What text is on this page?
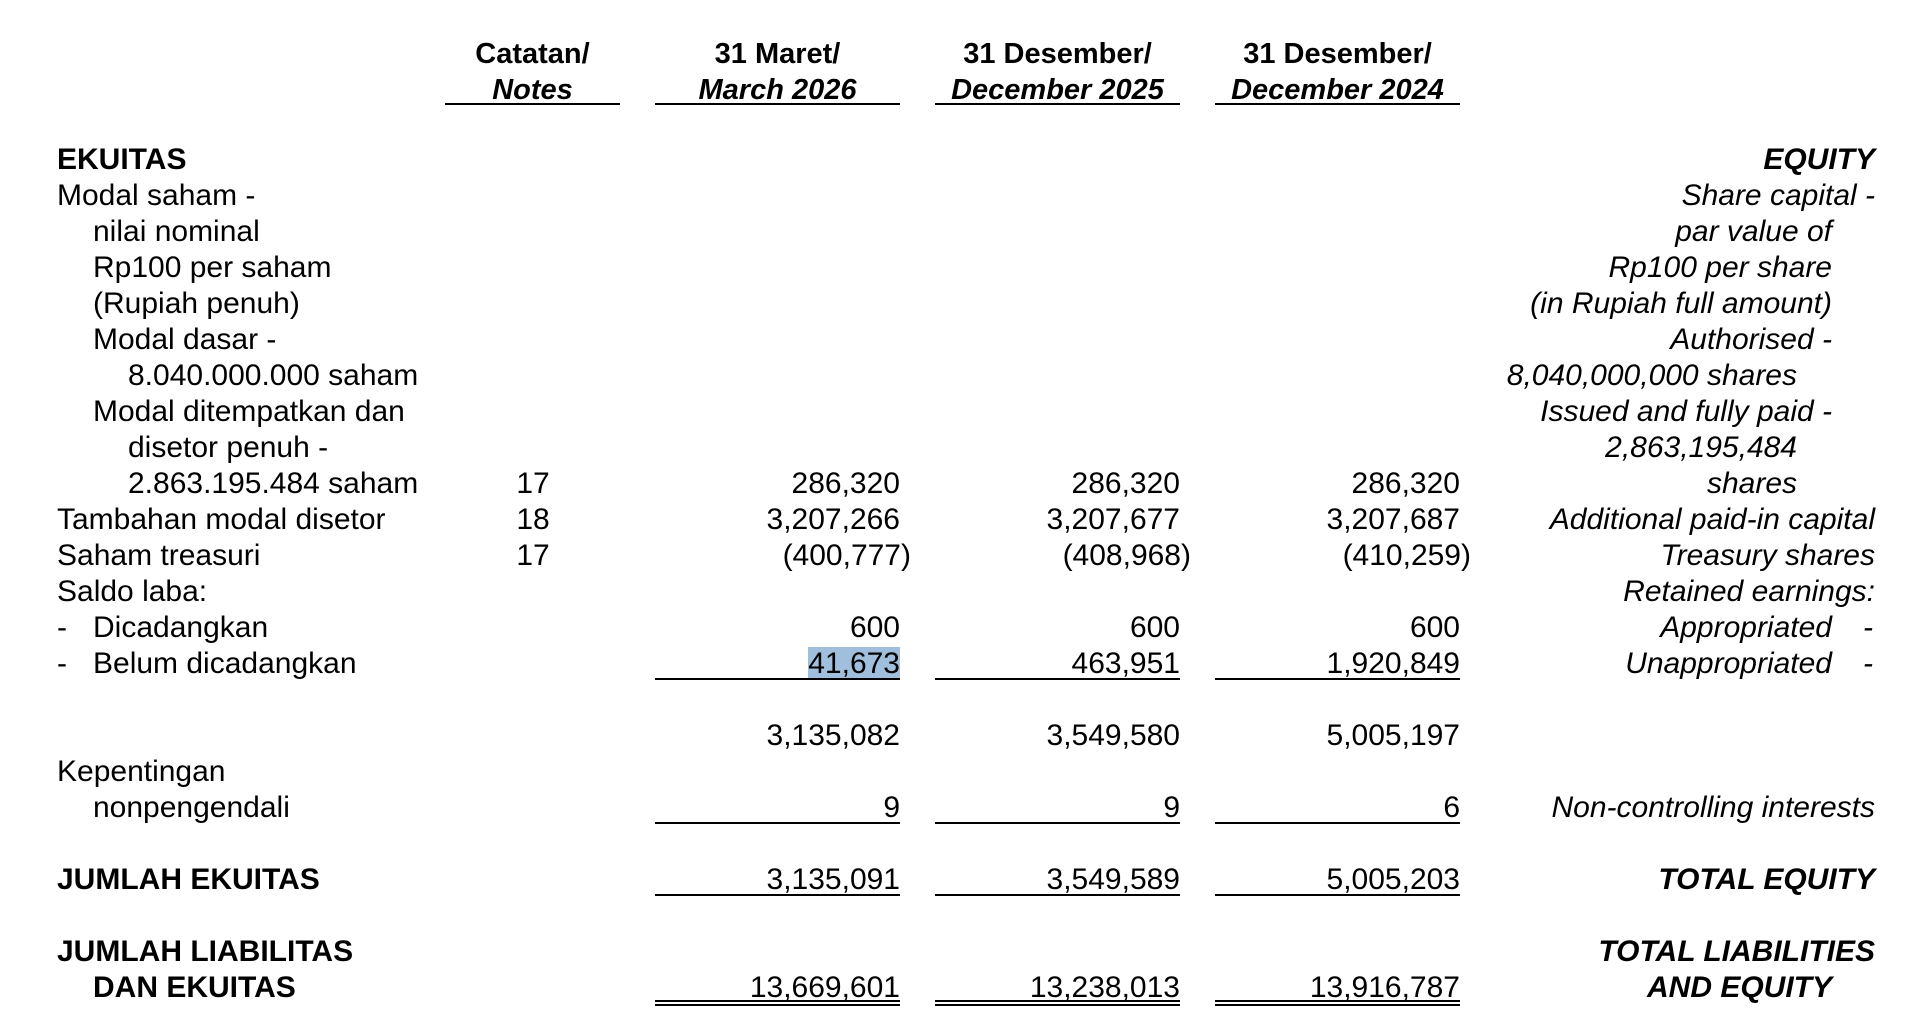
Catatan/
Notes
31 Maret/
March 2026
31 Desember/
December 2025
31 Desember/
December 2024
EKUITAS
Modal saham -
nilai nominal
Rp100 per saham
(Rupiah penuh)
Modal dasar -
8.040.000.000 saham
Modal ditempatkan dan
disetor penuh -
2.863.195.484 saham
Tambahan modal disetor
Saham treasuri
Saldo laba:
- Dicadangkan
- Belum dicadangkan
Kepentingan
nonpengendali
JUMLAH EKUITAS
JUMLAH LIABILITAS
DAN EKUITAS
17
18
17
286,320
3,207,266
(400,777)
600
41,673
3,135,082
9
3,135,091
13,669,601
286,320
3,207,677
(408,968)
600
463,951
3,549,580
9
3,549,589
13,238,013
286,320
3,207,687
(410,259)
600
1,920,849
5,005,197
6
5,005,203
13,916,787
EQUITY
Share capital -
par value of
Rp100 per share
(in Rupiah full amount)
Authorised -
8,040,000,000 shares
Issued and fully paid -
2,863,195,484
shares
Additional paid-in capital
Treasury shares
Retained earnings:
Appropriated -
Unappropriated -
Non-controlling interests
TOTAL EQUITY
TOTAL LIABILITIES
AND EQUITY
